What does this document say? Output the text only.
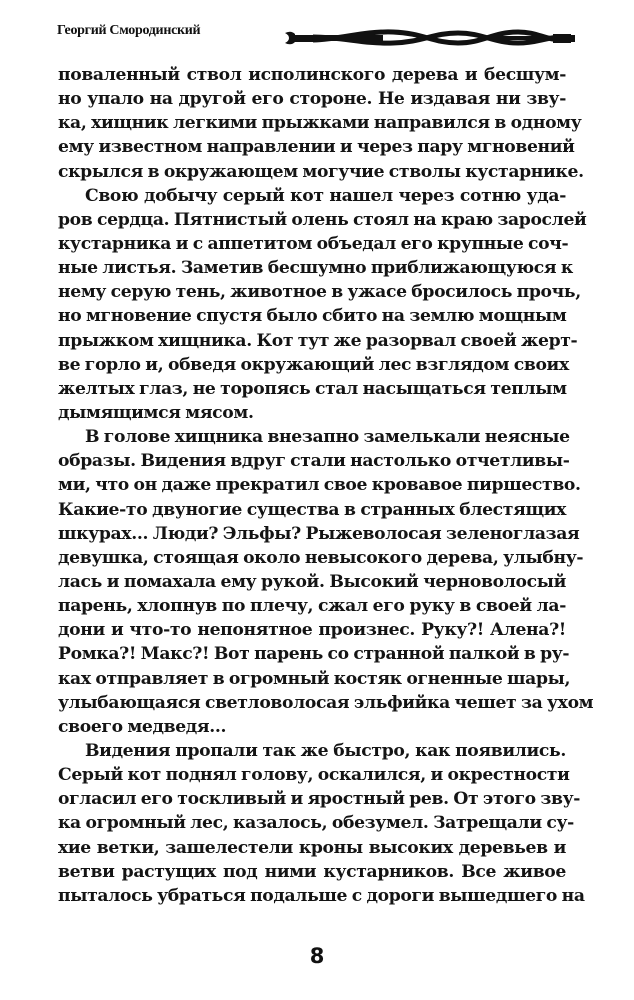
Георгий Смородинский
поваленный ствол исполинского дерева и бесшум-
но упало на другой его стороне. Не издавая ни зву-
ка, хищник легкими прыжками направился в одному
ему известном направлении и через пару мгновений
скрылся в окружающем могучие стволы кустарнике.
Свою добычу серый кот нашел через сотню уда-
ров сердца. Пятнистый олень стоял на краю зарослей
кустарника и с аппетитом объедал его крупные соч-
ные листья. Заметив бесшумно приближающуюся к
нему серую тень, животное в ужасе бросилось прочь,
но мгновение спустя было сбито на землю мощным
прыжком хищника. Кот тут же разорвал своей жерт-
ве горло и, обведя окружающий лес взглядом своих
желтых глаз, не торопясь стал насыщаться теплым
дымящимся мясом.
В голове хищника внезапно замелькали неясные
образы. Видения вдруг стали настолько отчетливы-
ми, что он даже прекратил свое кровавое пиршество.
Какие-то двуногие существа в странных блестящих
шкурах... Люди? Эльфы? Рыжеволосая зеленоглазая
девушка, стоящая около невысокого дерева, улыбну-
лась и помахала ему рукой. Высокий черноволосый
парень, хлопнув по плечу, сжал его руку в своей ла-
дони и что-то непонятное произнес. Руку?! Алена?!
Ромка?! Макс?! Вот парень со странной палкой в ру-
ках отправляет в огромный костяк огненные шары,
улыбающаяся светловолосая эльфийка чешет за ухом
своего медведя...
Видения пропали так же быстро, как появились.
Серый кот поднял голову, оскалился, и окрестности
огласил его тоскливый и яростный рев. От этого зву-
ка огромный лес, казалось, обезумел. Затрещали су-
хие ветки, зашелестели кроны высоких деревьев и
ветви растущих под ними кустарников. Все живое
пыталось убраться подальше с дороги вышедшего на
8
